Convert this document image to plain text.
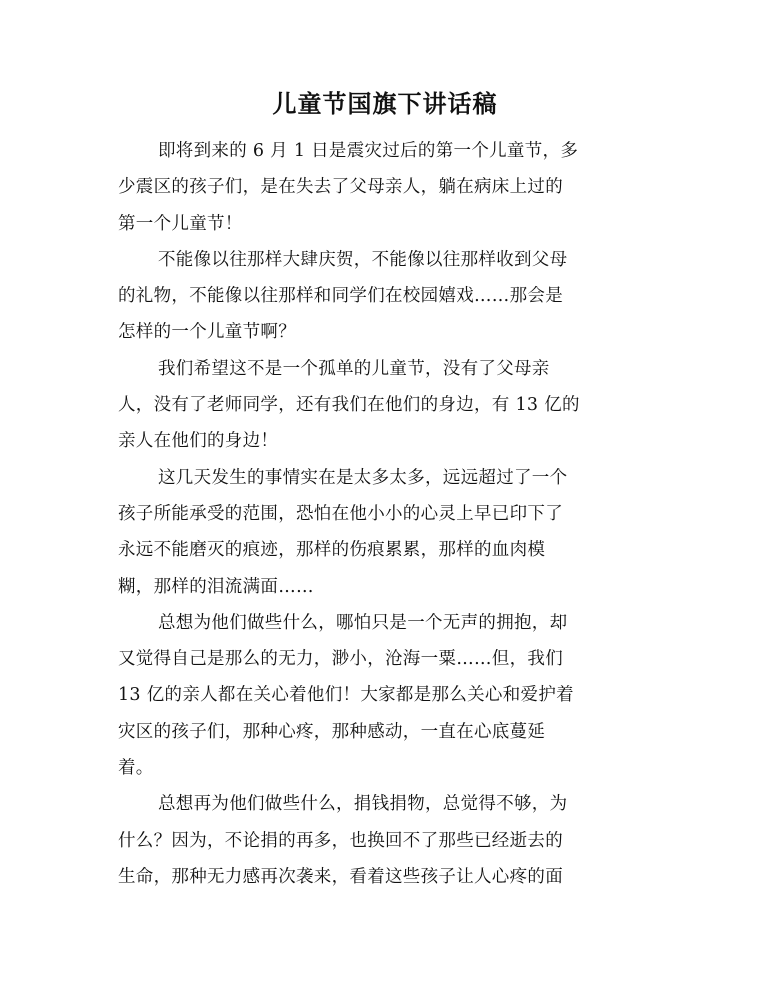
儿童节国旗下讲话稿
即将到来的 6 月 1 日是震灾过后的第一个儿童节，多
少震区的孩子们，是在失去了父母亲人，躺在病床上过的
第一个儿童节！
不能像以往那样大肆庆贺，不能像以往那样收到父母
的礼物，不能像以往那样和同学们在校园嬉戏……那会是
怎样的一个儿童节啊？
我们希望这不是一个孤单的儿童节，没有了父母亲
人，没有了老师同学，还有我们在他们的身边，有 13 亿的
亲人在他们的身边！
这几天发生的事情实在是太多太多，远远超过了一个
孩子所能承受的范围，恐怕在他小小的心灵上早已印下了
永远不能磨灭的痕迹，那样的伤痕累累，那样的血肉模
糊，那样的泪流满面……
总想为他们做些什么，哪怕只是一个无声的拥抱，却
又觉得自己是那么的无力，渺小，沧海一粟……但，我们
13 亿的亲人都在关心着他们！大家都是那么关心和爱护着
灾区的孩子们，那种心疼，那种感动，一直在心底蔓延
着。
总想再为他们做些什么，捐钱捐物，总觉得不够，为
什么？因为，不论捐的再多，也换回不了那些已经逝去的
生命，那种无力感再次袭来，看着这些孩子让人心疼的面
